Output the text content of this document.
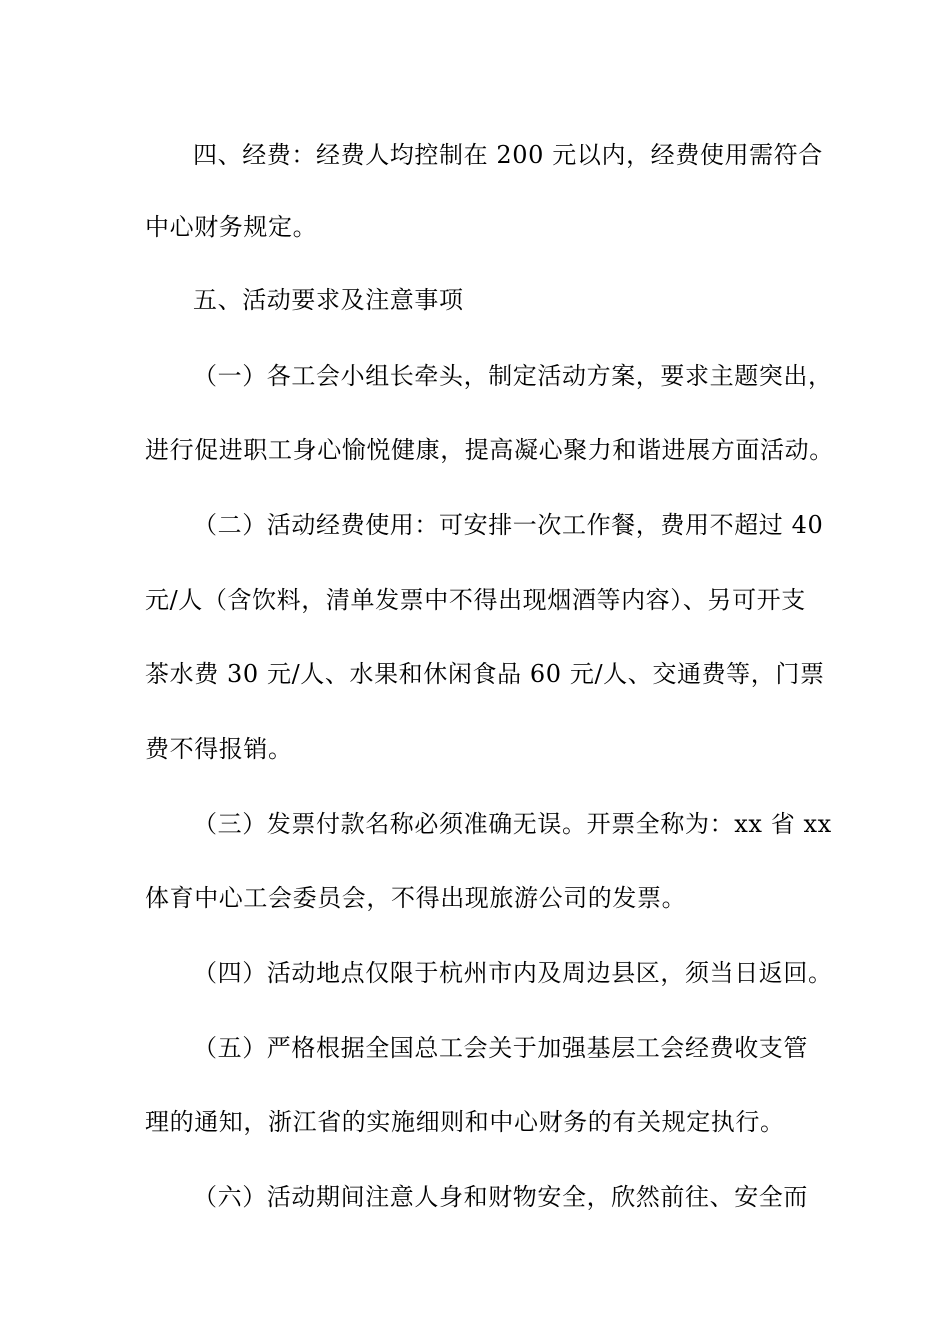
四、经费：经费人均控制在 200 元以内，经费使用需符合
中心财务规定。
五、活动要求及注意事项
（一）各工会小组长牵头，制定活动方案，要求主题突出，
进行促进职工身心愉悦健康，提高凝心聚力和谐进展方面活动。
（二）活动经费使用：可安排一次工作餐，费用不超过 40
元/人（含饮料，清单发票中不得出现烟酒等内容）、另可开支
茶水费 30 元/人、水果和休闲食品 60 元/人、交通费等，门票
费不得报销。
（三）发票付款名称必须准确无误。开票全称为：xx 省 xx
体育中心工会委员会，不得出现旅游公司的发票。
（四）活动地点仅限于杭州市内及周边县区，须当日返回。
（五）严格根据全国总工会关于加强基层工会经费收支管
理的通知，浙江省的实施细则和中心财务的有关规定执行。
（六）活动期间注意人身和财物安全，欣然前往、安全而
